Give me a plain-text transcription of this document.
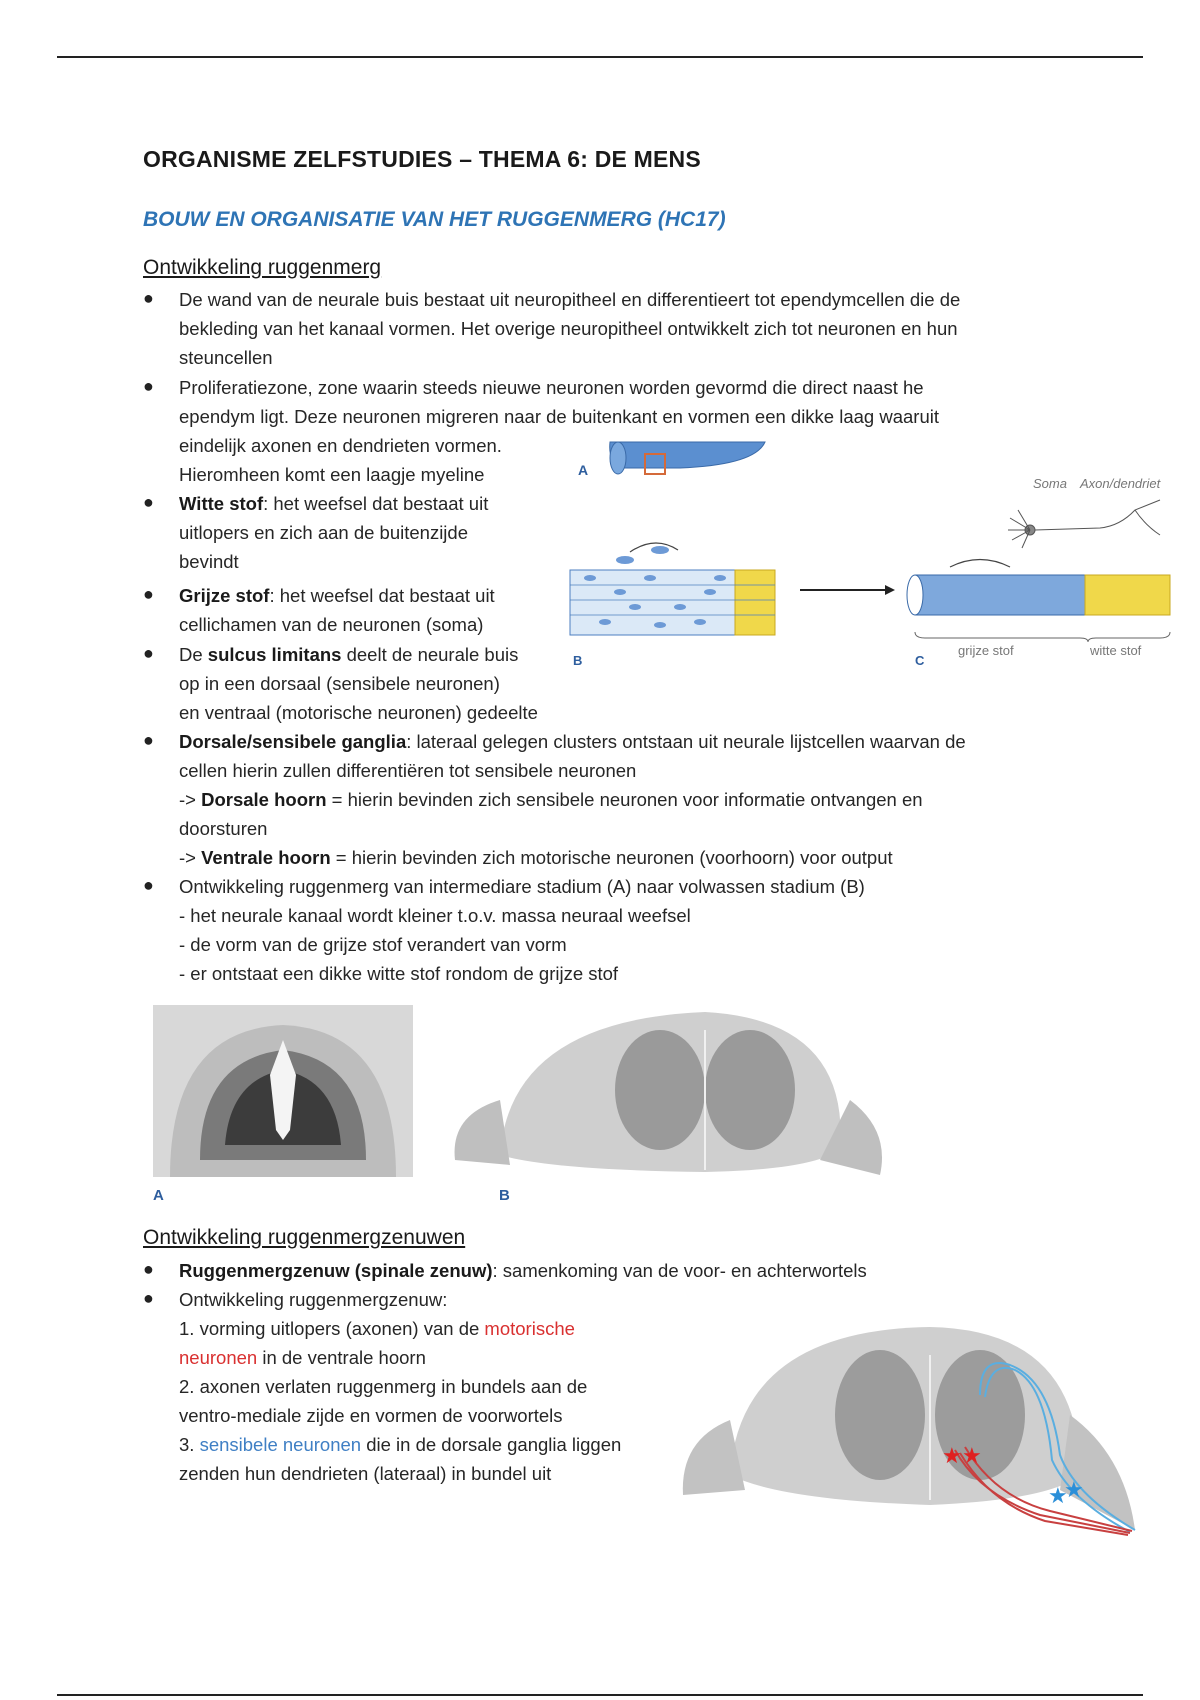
ORGANISME ZELFSTUDIES – THEMA 6: DE MENS
BOUW EN ORGANISATIE VAN HET RUGGENMERG (HC17)
Ontwikkeling ruggenmerg
● De wand van de neurale buis bestaat uit neuropitheel en differentieert tot ependymcellen die de
bekleding van het kanaal vormen. Het overige neuropitheel ontwikkelt zich tot neuronen en hun
steuncellen
● Proliferatiezone, zone waarin steeds nieuwe neuronen worden gevormd die direct naast he
ependym ligt. Deze neuronen migreren naar de buitenkant en vormen een dikke laag waaruit
eindelijk axonen en dendrieten vormen.
Hieromheen komt een laagje myeline
● Witte stof: het weefsel dat bestaat uit
uitlopers en zich aan de buitenzijde
bevindt
● Grijze stof: het weefsel dat bestaat uit
cellichamen van de neuronen (soma)
● De sulcus limitans deelt de neurale buis
op in een dorsaal (sensibele neuronen)
en ventraal (motorische neuronen) gedeelte
● Dorsale/sensibele ganglia: lateraal gelegen clusters ontstaan uit neurale lijstcellen waarvan de
cellen hierin zullen differentiëren tot sensibele neuronen
-> Dorsale hoorn = hierin bevinden zich sensibele neuronen voor informatie ontvangen en
doorsturen
-> Ventrale hoorn = hierin bevinden zich motorische neuronen (voorhoorn) voor output
● Ontwikkeling ruggenmerg van intermediare stadium (A) naar volwassen stadium (B)
- het neurale kanaal wordt kleiner t.o.v. massa neuraal weefsel
- de vorm van de grijze stof verandert van vorm
- er ontstaat een dikke witte stof rondom de grijze stof
A
B	C
Soma Axon/dendriet
grijze stof	witte stof
A	B
Ontwikkeling ruggenmergzenuwen
● Ruggenmergzenuw (spinale zenuw): samenkoming van de voor- en achterwortels
● Ontwikkeling ruggenmergzenuw:
1. vorming uitlopers (axonen) van de motorische
neuronen in de ventrale hoorn
2. axonen verlaten ruggenmerg in bundels aan de
ventro-mediale zijde en vormen de voorwortels
3. sensibele neuronen die in de dorsale ganglia liggen
zenden hun dendrieten (lateraal) in bundel uit
★ ★
★
★
